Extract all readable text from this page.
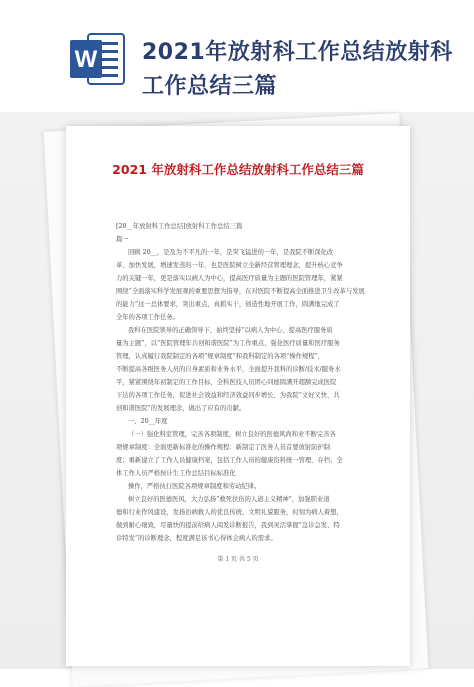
W 2021年放射科工作总结放射科工作总结三篇
2021 年放射科工作总结放射科工作总结三篇

[20__年放射科工作总结]放射科工作总结三篇

篇一

回顾 20__，是及为不平凡的一年，是突飞猛进的一年，是我院不断深化改

革、加快发展，增速发蒸的一年，也是医院树立全新经营管理理念，提升核心竞争

力的关键一年，更是落实以病人为中心，提高医疗质量为主题的医院管理年，紧紧

围绕“全面落实科学发展观的重要思想为指导，在对医院不断提高全面推进卫生改革与发展

的能力”这一总体要求，突出重点，真抓实干，创造性地开展工作，圆满地完成了

全年的各项工作任务。

我科在医院领导的正确领导下，始终坚持“以病人为中心、提高医疗服务质

量为主题”，以“医院管理年共创和谐医院”为工作重点，强化医疗质量和医疗服务

管理，认真履行我院制定的各项“规章制度”和我科制定的各项“操作规程”，

不断提高各级医务人员的自身素质和业务水平，全面提升我科的诊断/技术/服务水

平，紧紧围绕年初制定的工作目标，全科医技人员团心同德圆满开超额完成医院

下达的各项工作任务，促进社会效益和经济效益同步增长，为我院“文好又快、共

创和谐医院”的发展理念，做出了应有的贡献。

一、20__年度

（一）强化科室管理，完善各项制度，树立良好的医德风尚和业不断完善各

项规章制度：全面更新标准化的操作规程：新制定了医务人员首要放射防护制

度；重新建立了工作人员健康档案，包括工作人员的健康资料统一管理、存档；全

体工作人员严格按计生工作总结目标标准化

操作，严格执行医院各项规章制度和劳动纪律。

树立良好的医德医风，大力弘扬“救死扶伤的人道主义精神”，加强职业道

德和行业作风建设，发扬治病救人的优良传统，文明礼貌服务，时刻为病人着想，

做到耐心细致，尽量快的提前给病人阅发诊断报告，我到灵活掌握“急诊急发、特

诊特发”的诊断理念，程度满足该书心得体会病人的需求。

第 1 页 共 5 页
